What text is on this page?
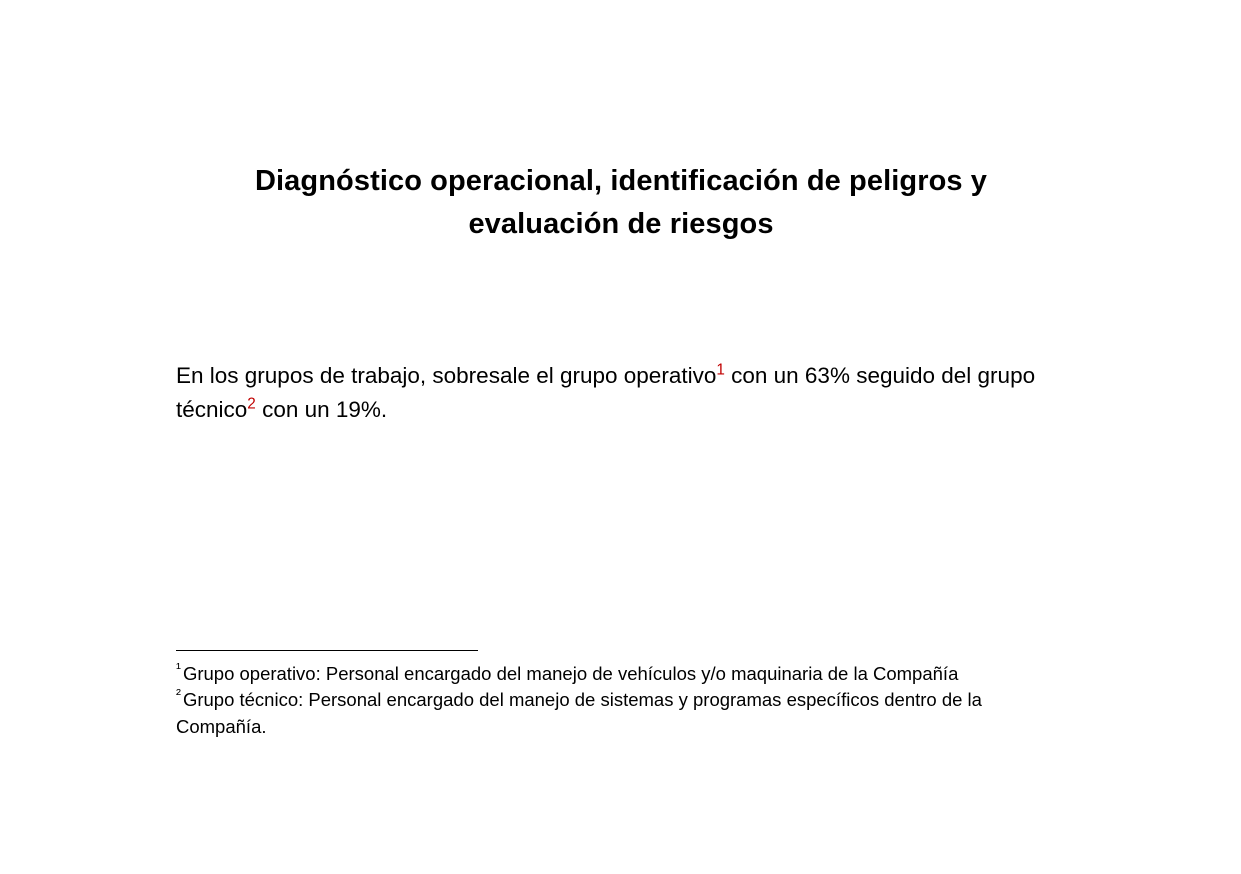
Diagnóstico operacional, identificación de peligros y evaluación de riesgos

En los grupos de trabajo, sobresale el grupo operativo$^1$ con un 63% seguido del grupo técnico$^2$ con un 19%.

$^{^1}$ Grupo operativo: Personal encargado del manejo de vehículos y/o maquinaria de la Compañía

$^{^2}$ Grupo técnico: Personal encargado del manejo de sistemas y programas específicos dentro de la Compañía.
